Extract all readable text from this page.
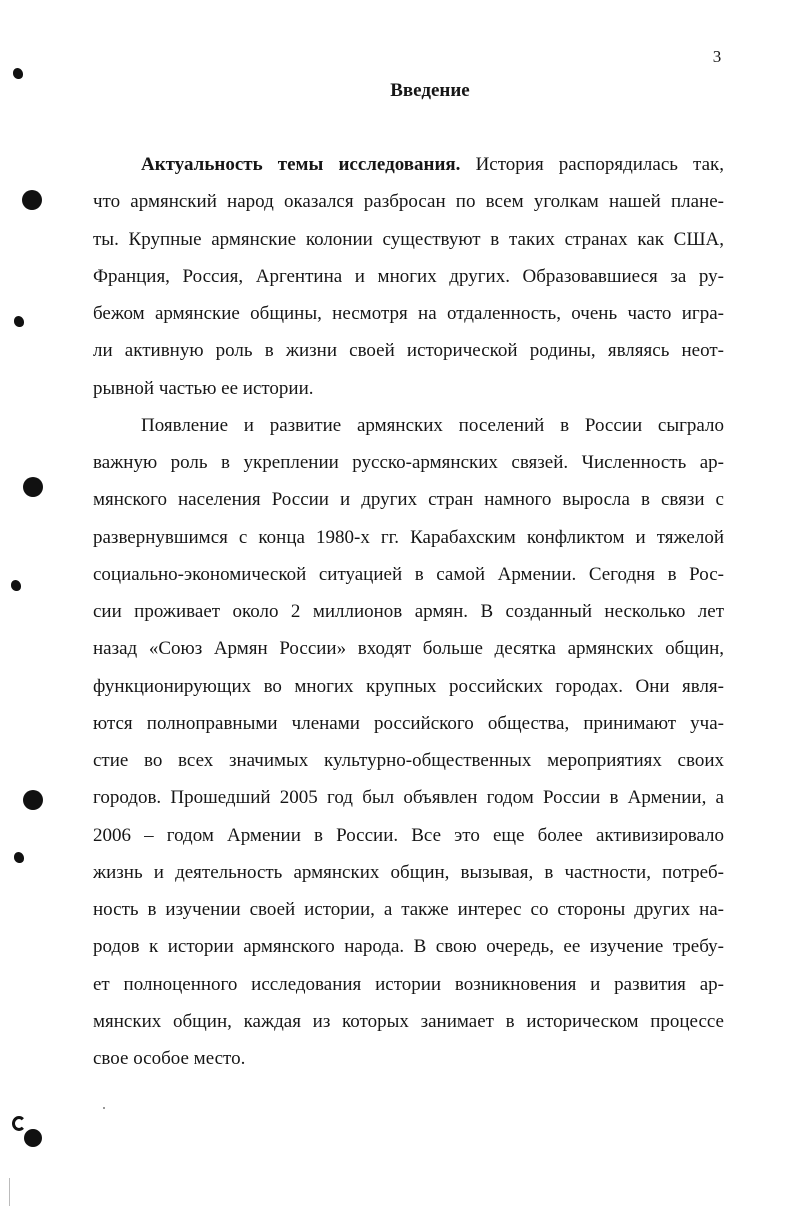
3
Введение
Актуальность темы исследования. История распорядилась так,
что армянский народ оказался разбросан по всем уголкам нашей плане-
ты. Крупные армянские колонии существуют в таких странах как США,
Франция, Россия, Аргентина и многих других. Образовавшиеся за ру-
бежом армянские общины, несмотря на отдаленность, очень часто игра-
ли активную роль в жизни своей исторической родины, являясь неот-
рывной частью ее истории.
Появление и развитие армянских поселений в России сыграло
важную роль в укреплении русско-армянских связей. Численность ар-
мянского населения России и других стран намного выросла в связи с
развернувшимся с конца 1980-х гг. Карабахским конфликтом и тяжелой
социально-экономической ситуацией в самой Армении. Сегодня в Рос-
сии проживает около 2 миллионов армян. В созданный несколько лет
назад «Союз Армян России» входят больше десятка армянских общин,
функционирующих во многих крупных российских городах. Они явля-
ются полноправными членами российского общества, принимают уча-
стие во всех значимых культурно-общественных мероприятиях своих
городов. Прошедший 2005 год был объявлен годом России в Армении, а
2006 – годом Армении в России. Все это еще более активизировало
жизнь и деятельность армянских общин, вызывая, в частности, потреб-
ность в изучении своей истории, а также интерес со стороны других на-
родов к истории армянского народа. В свою очередь, ее изучение требу-
ет полноценного исследования истории возникновения и развития ар-
мянских общин, каждая из которых занимает в историческом процессе
свое особое место.
